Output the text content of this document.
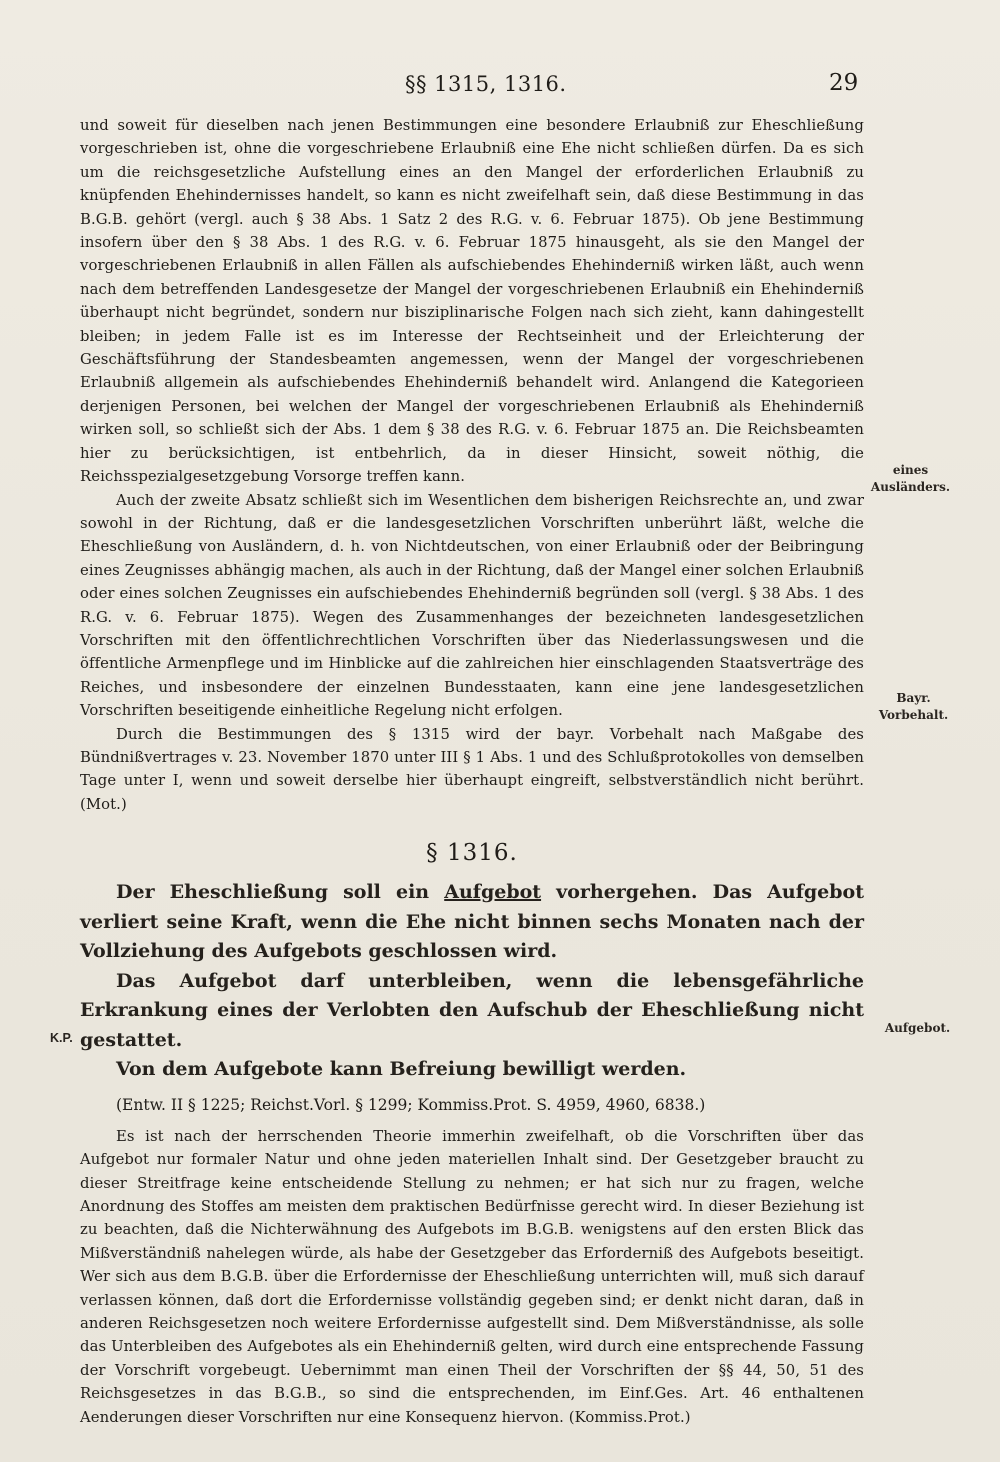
§§ 1315, 1316.	29

und soweit für dieselben nach jenen Bestimmungen eine besondere Erlaubniß zur Eheschließung vorgeschrieben ist, ohne die vorgeschriebene Erlaubniß eine Ehe nicht schließen dürfen. Da es sich um die reichsgesetzliche Aufstellung eines an den Mangel der erforderlichen Erlaubniß zu knüpfenden Ehehindernisses handelt, so kann es nicht zweifelhaft sein, daß diese Bestimmung in das B.G.B. gehört (vergl. auch § 38 Abs. 1 Satz 2 des R.G. v. 6. Februar 1875). Ob jene Bestimmung insofern über den § 38 Abs. 1 des R.G. v. 6. Februar 1875 hinausgeht, als sie den Mangel der vorgeschriebenen Erlaubniß in allen Fällen als aufschiebendes Ehehinderniß wirken läßt, auch wenn nach dem betreffenden Landesgesetze der Mangel der vorgeschriebenen Erlaubniß ein Ehehinderniß überhaupt nicht begründet, sondern nur bisziplinarische Folgen nach sich zieht, kann dahingestellt bleiben; in jedem Falle ist es im Interesse der Rechtseinheit und der Erleichterung der Geschäftsführung der Standesbeamten angemessen, wenn der Mangel der vorgeschriebenen Erlaubniß allgemein als aufschiebendes Ehehinderniß behandelt wird. Anlangend die Kategorieen derjenigen Personen, bei welchen der Mangel der vorgeschriebenen Erlaubniß als Ehehinderniß wirken soll, so schließt sich der Abs. 1 dem § 38 des R.G. v. 6. Februar 1875 an. Die Reichsbeamten hier zu berücksichtigen, ist entbehrlich, da in dieser Hinsicht, soweit nöthig, die Reichsspezialgesetzgebung Vorsorge treffen kann.

Auch der zweite Absatz schließt sich im Wesentlichen dem bisherigen Reichsrechte an, und zwar sowohl in der Richtung, daß er die landesgesetzlichen Vorschriften unberührt läßt, welche die Eheschließung von Ausländern, d. h. von Nichtdeutschen, von einer Erlaubniß oder der Beibringung eines Zeugnisses abhängig machen, als auch in der Richtung, daß der Mangel einer solchen Erlaubniß oder eines solchen Zeugnisses ein aufschiebendes Ehehinderniß begründen soll (vergl. § 38 Abs. 1 des R.G. v. 6. Februar 1875). Wegen des Zusammenhanges der bezeichneten landesgesetzlichen Vorschriften mit den öffentlichrechtlichen Vorschriften über das Niederlassungswesen und die öffentliche Armenpflege und im Hinblicke auf die zahlreichen hier einschlagenden Staatsverträge des Reiches, und insbesondere der einzelnen Bundesstaaten, kann eine jene landesgesetzlichen Vorschriften beseitigende einheitliche Regelung nicht erfolgen.

Durch die Bestimmungen des § 1315 wird der bayr. Vorbehalt nach Maßgabe des Bündnißvertrages v. 23. November 1870 unter III § 1 Abs. 1 und des Schlußprotokolles von demselben Tage unter I, wenn und soweit derselbe hier überhaupt eingreift, selbstverständlich nicht berührt. (Mot.)

§ 1316.

Der Eheschließung soll ein Aufgebot vorhergehen. Das Aufgebot verliert seine Kraft, wenn die Ehe nicht binnen sechs Monaten nach der Vollziehung des Aufgebots geschlossen wird.

Das Aufgebot darf unterbleiben, wenn die lebensgefährliche Erkrankung eines der Verlobten den Aufschub der Eheschließung nicht gestattet.

Von dem Aufgebote kann Befreiung bewilligt werden.

(Entw. II § 1225; Reichst.Vorl. § 1299; Kommiss.Prot. S. 4959, 4960, 6838.)

Es ist nach der herrschenden Theorie immerhin zweifelhaft, ob die Vorschriften über das Aufgebot nur formaler Natur und ohne jeden materiellen Inhalt sind. Der Gesetzgeber braucht zu dieser Streitfrage keine entscheidende Stellung zu nehmen; er hat sich nur zu fragen, welche Anordnung des Stoffes am meisten dem praktischen Bedürfnisse gerecht wird. In dieser Beziehung ist zu beachten, daß die Nichterwähnung des Aufgebots im B.G.B. wenigstens auf den ersten Blick das Mißverständniß nahelegen würde, als habe der Gesetzgeber das Erforderniß des Aufgebots beseitigt. Wer sich aus dem B.G.B. über die Erfordernisse der Eheschließung unterrichten will, muß sich darauf verlassen können, daß dort die Erfordernisse vollständig gegeben sind; er denkt nicht daran, daß in anderen Reichsgesetzen noch weitere Erfordernisse aufgestellt sind. Dem Mißverständnisse, als solle das Unterbleiben des Aufgebotes als ein Ehehinderniß gelten, wird durch eine entsprechende Fassung der Vorschrift vorgebeugt. Uebernimmt man einen Theil der Vorschriften der §§ 44, 50, 51 des Reichsgesetzes in das B.G.B., so sind die entsprechenden, im Einf.Ges. Art. 46 enthaltenen Aenderungen dieser Vorschriften nur eine Konsequenz hiervon. (Kommiss.Prot.)

eines
Ausländers.
Bayr.
Vorbehalt.
Aufgebot.
K.P.
